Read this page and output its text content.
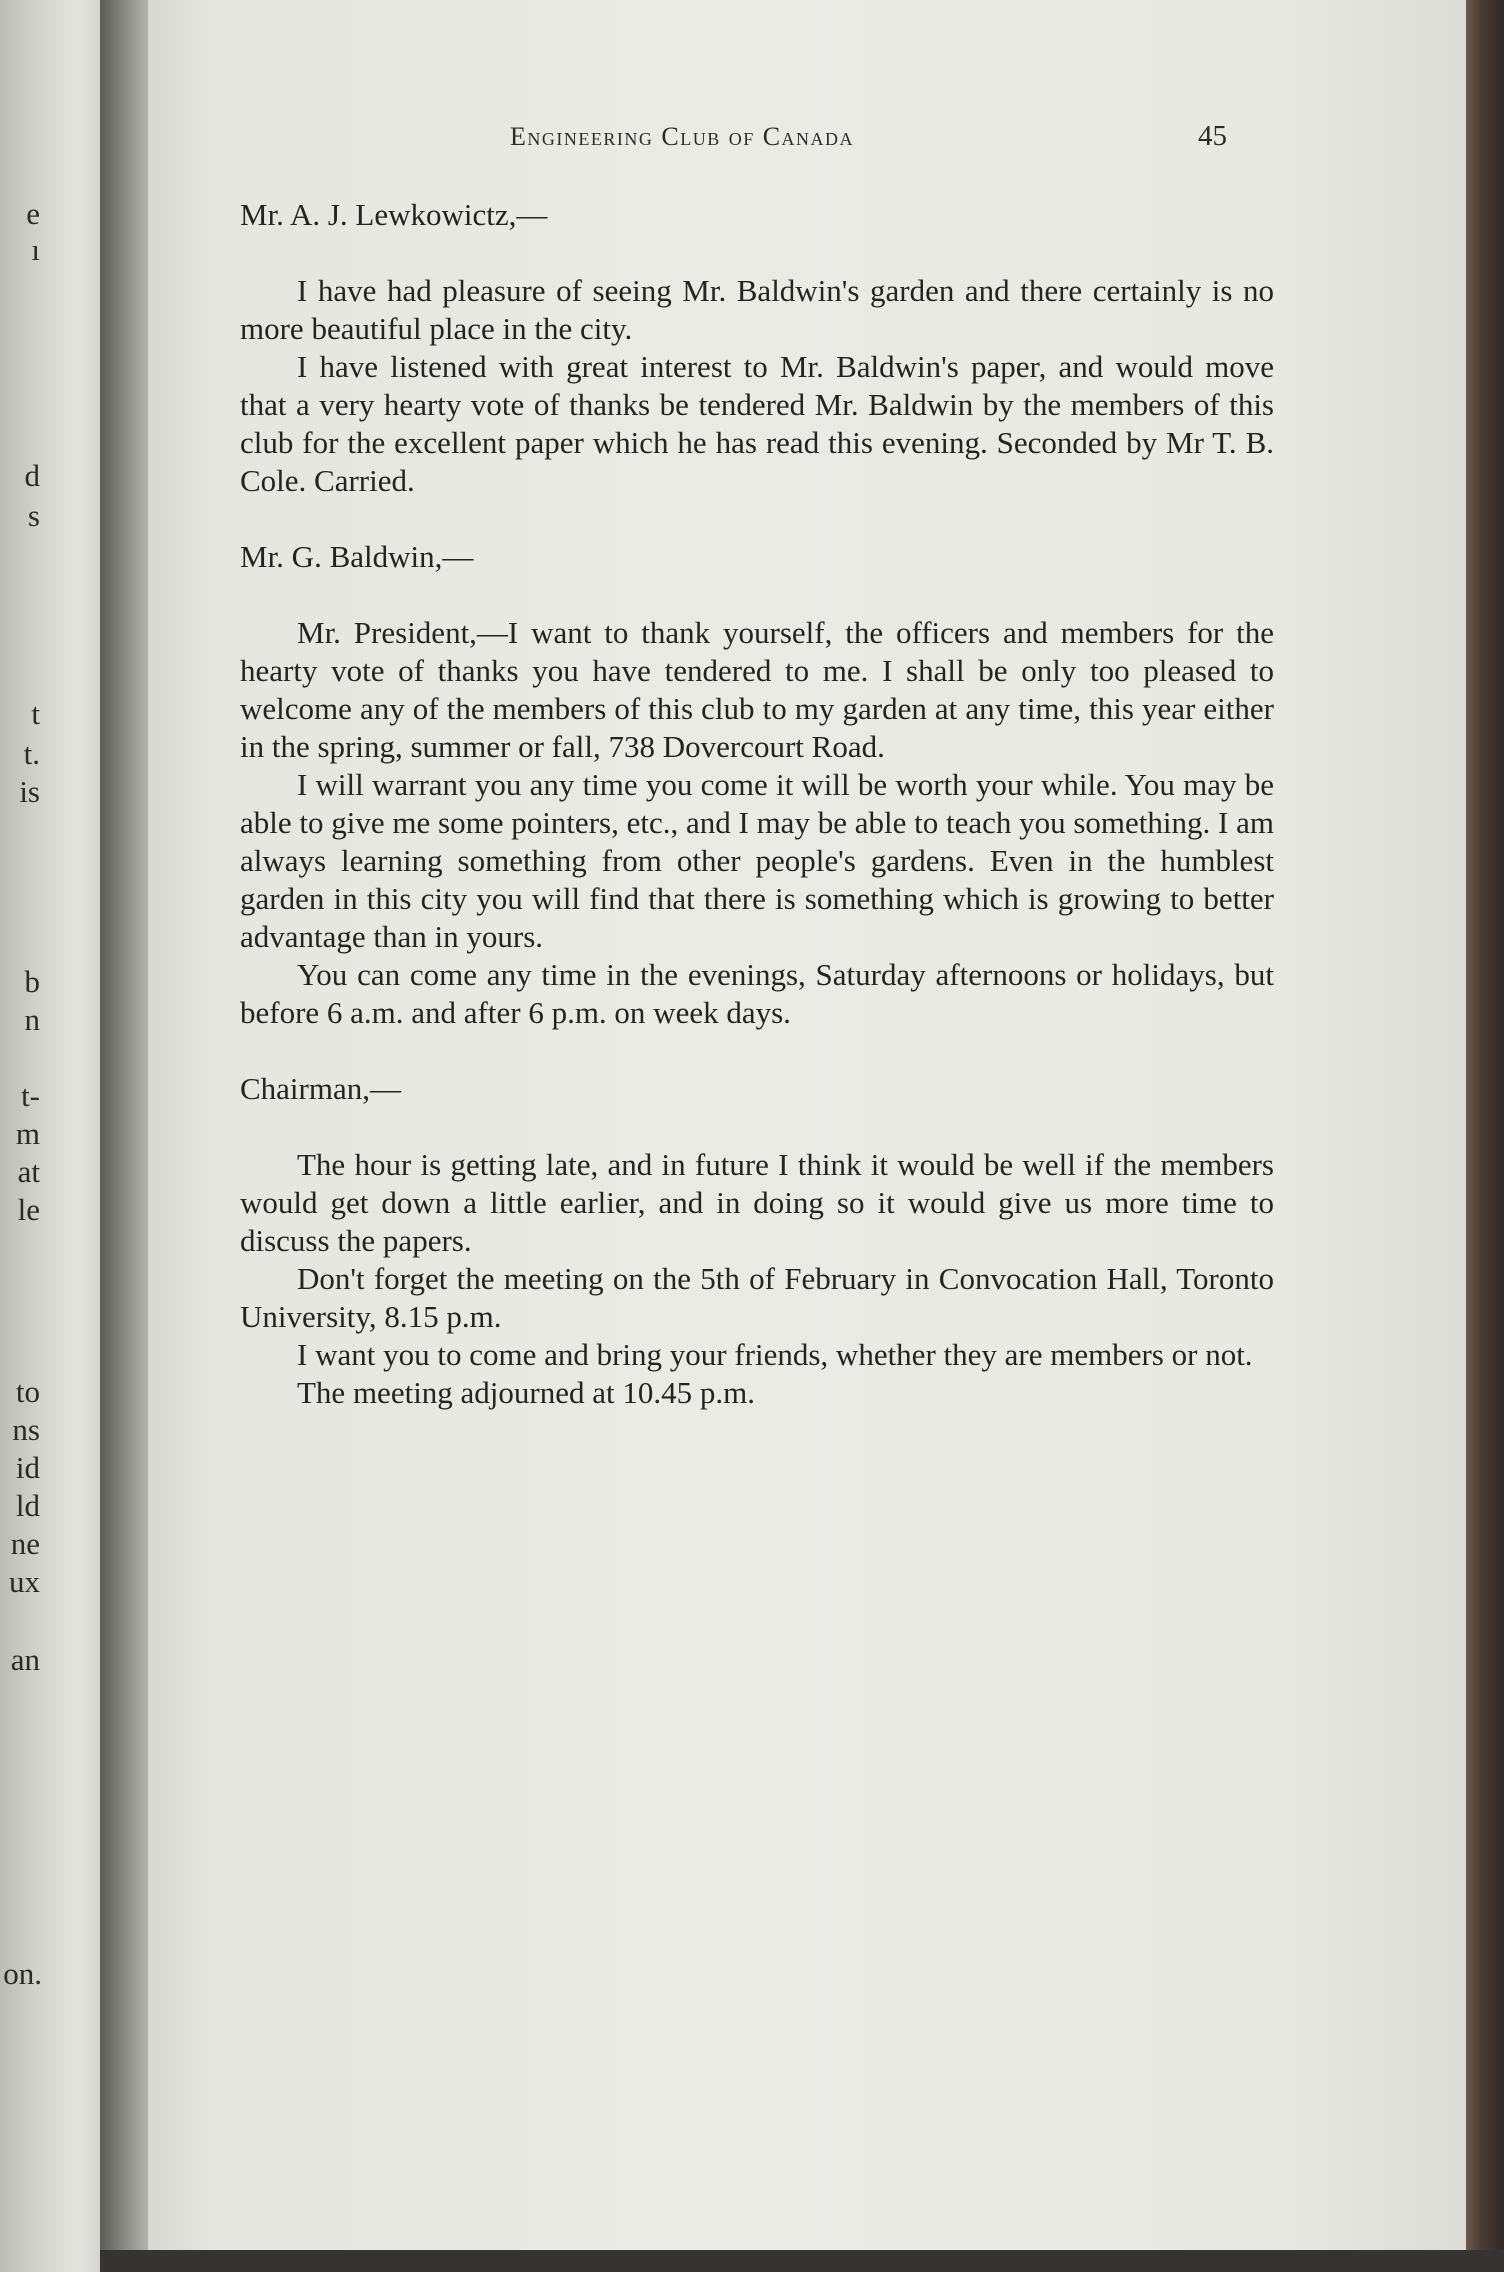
e
ı
d
s
t
t.
is
b
n
t-
m
at
le
to
ns
id
ld
ne
ux
an
on.
Engineering Club of Canada	45

Mr. A. J. Lewkowictz,—

I have had pleasure of seeing Mr. Baldwin's garden and there certainly is no more beautiful place in the city.

I have listened with great interest to Mr. Baldwin's paper, and would move that a very hearty vote of thanks be tendered Mr. Baldwin by the members of this club for the excellent paper which he has read this evening. Seconded by Mr T. B. Cole. Carried.

Mr. G. Baldwin,—

Mr. President,—I want to thank yourself, the officers and members for the hearty vote of thanks you have tendered to me. I shall be only too pleased to welcome any of the members of this club to my garden at any time, this year either in the spring, summer or fall, 738 Dovercourt Road.

I will warrant you any time you come it will be worth your while. You may be able to give me some pointers, etc., and I may be able to teach you something. I am always learning something from other people's gardens. Even in the humblest garden in this city you will find that there is something which is growing to better advantage than in yours.

You can come any time in the evenings, Saturday afternoons or holidays, but before 6 a.m. and after 6 p.m. on week days.

Chairman,—

The hour is getting late, and in future I think it would be well if the members would get down a little earlier, and in doing so it would give us more time to discuss the papers.

Don't forget the meeting on the 5th of February in Convocation Hall, Toronto University, 8.15 p.m.

I want you to come and bring your friends, whether they are members or not.

The meeting adjourned at 10.45 p.m.
